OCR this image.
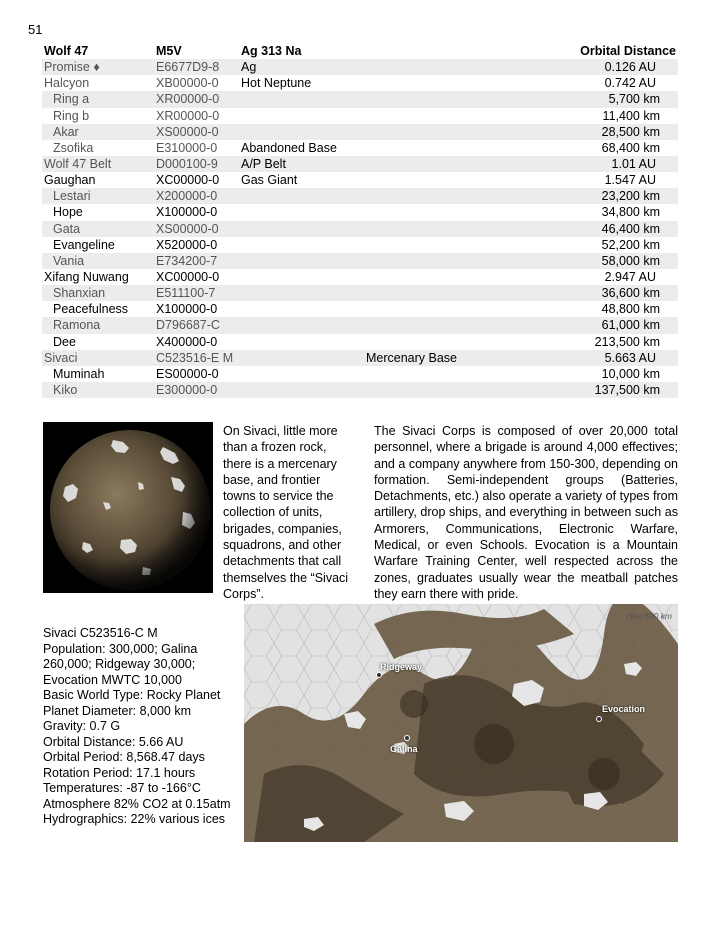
51
Wolf 47	M5V	Ag 313 Na		Orbital Distance
Promise ♦	E6677D9-8	Ag		0.126 AU
Halcyon	XB00000-0	Hot Neptune		0.742 AU
Ring a	XR00000-0			5,700 km
Ring b	XR00000-0			11,400 km
Akar	XS00000-0			28,500 km
Zsofika	E310000-0	Abandoned Base		68,400 km
Wolf 47 Belt	D000100-9	A/P Belt		1.01 AU
Gaughan	XC00000-0	Gas Giant		1.547 AU
Lestari	X200000-0			23,200 km
Hope	X100000-0			34,800 km
Gata	XS00000-0			46,400 km
Evangeline	X520000-0			52,200 km
Vania	E734200-7			58,000 km
Xifang Nuwang	XC00000-0			2.947 AU
Shanxian	E511100-7			36,600 km
Peacefulness	X100000-0			48,800 km
Ramona	D796687-C			61,000 km
Dee	X400000-0			213,500 km
Sivaci	C523516-E M		Mercenary Base	5.663 AU
Muminah	ES00000-0			10,000 km
Kiko	E300000-0			137,500 km
On Sivaci, little more than a frozen rock, there is a mercenary base, and frontier towns to service the collection of units, brigades, companies, squadrons, and other detachments that call themselves the “Sivaci Corps”.
The Sivaci Corps is composed of over 20,000 total personnel, where a brigade is around 4,000 effectives; and a company anywhere from 150-300, depending on formation. Semi-independent groups (Batteries, Detachments, etc.) also operate a variety of types from artillery, drop ships, and everything in between such as Armorers, Communications, Electronic Warfare, Medical, or even Schools. Evocation is a Mountain Warfare Training Center, well respected across the zones, graduates usually wear the meatball patches they earn there with pride.
Sivaci C523516-C M
Population: 300,000; Galina
260,000; Ridgeway 30,000;
Evocation MWTC 10,000
Basic World Type: Rocky Planet
Planet Diameter: 8,000 km
Gravity: 0.7 G
Orbital Distance: 5.66 AU
Orbital Period: 8,568.47 days
Rotation Period: 17.1 hours
Temperatures: -87 to -166°C
Atmosphere 82% CO2 at 0.15atm
Hydrographics: 22% various ices
Hex 600 km
Ridgeway
Evocation
Galina
